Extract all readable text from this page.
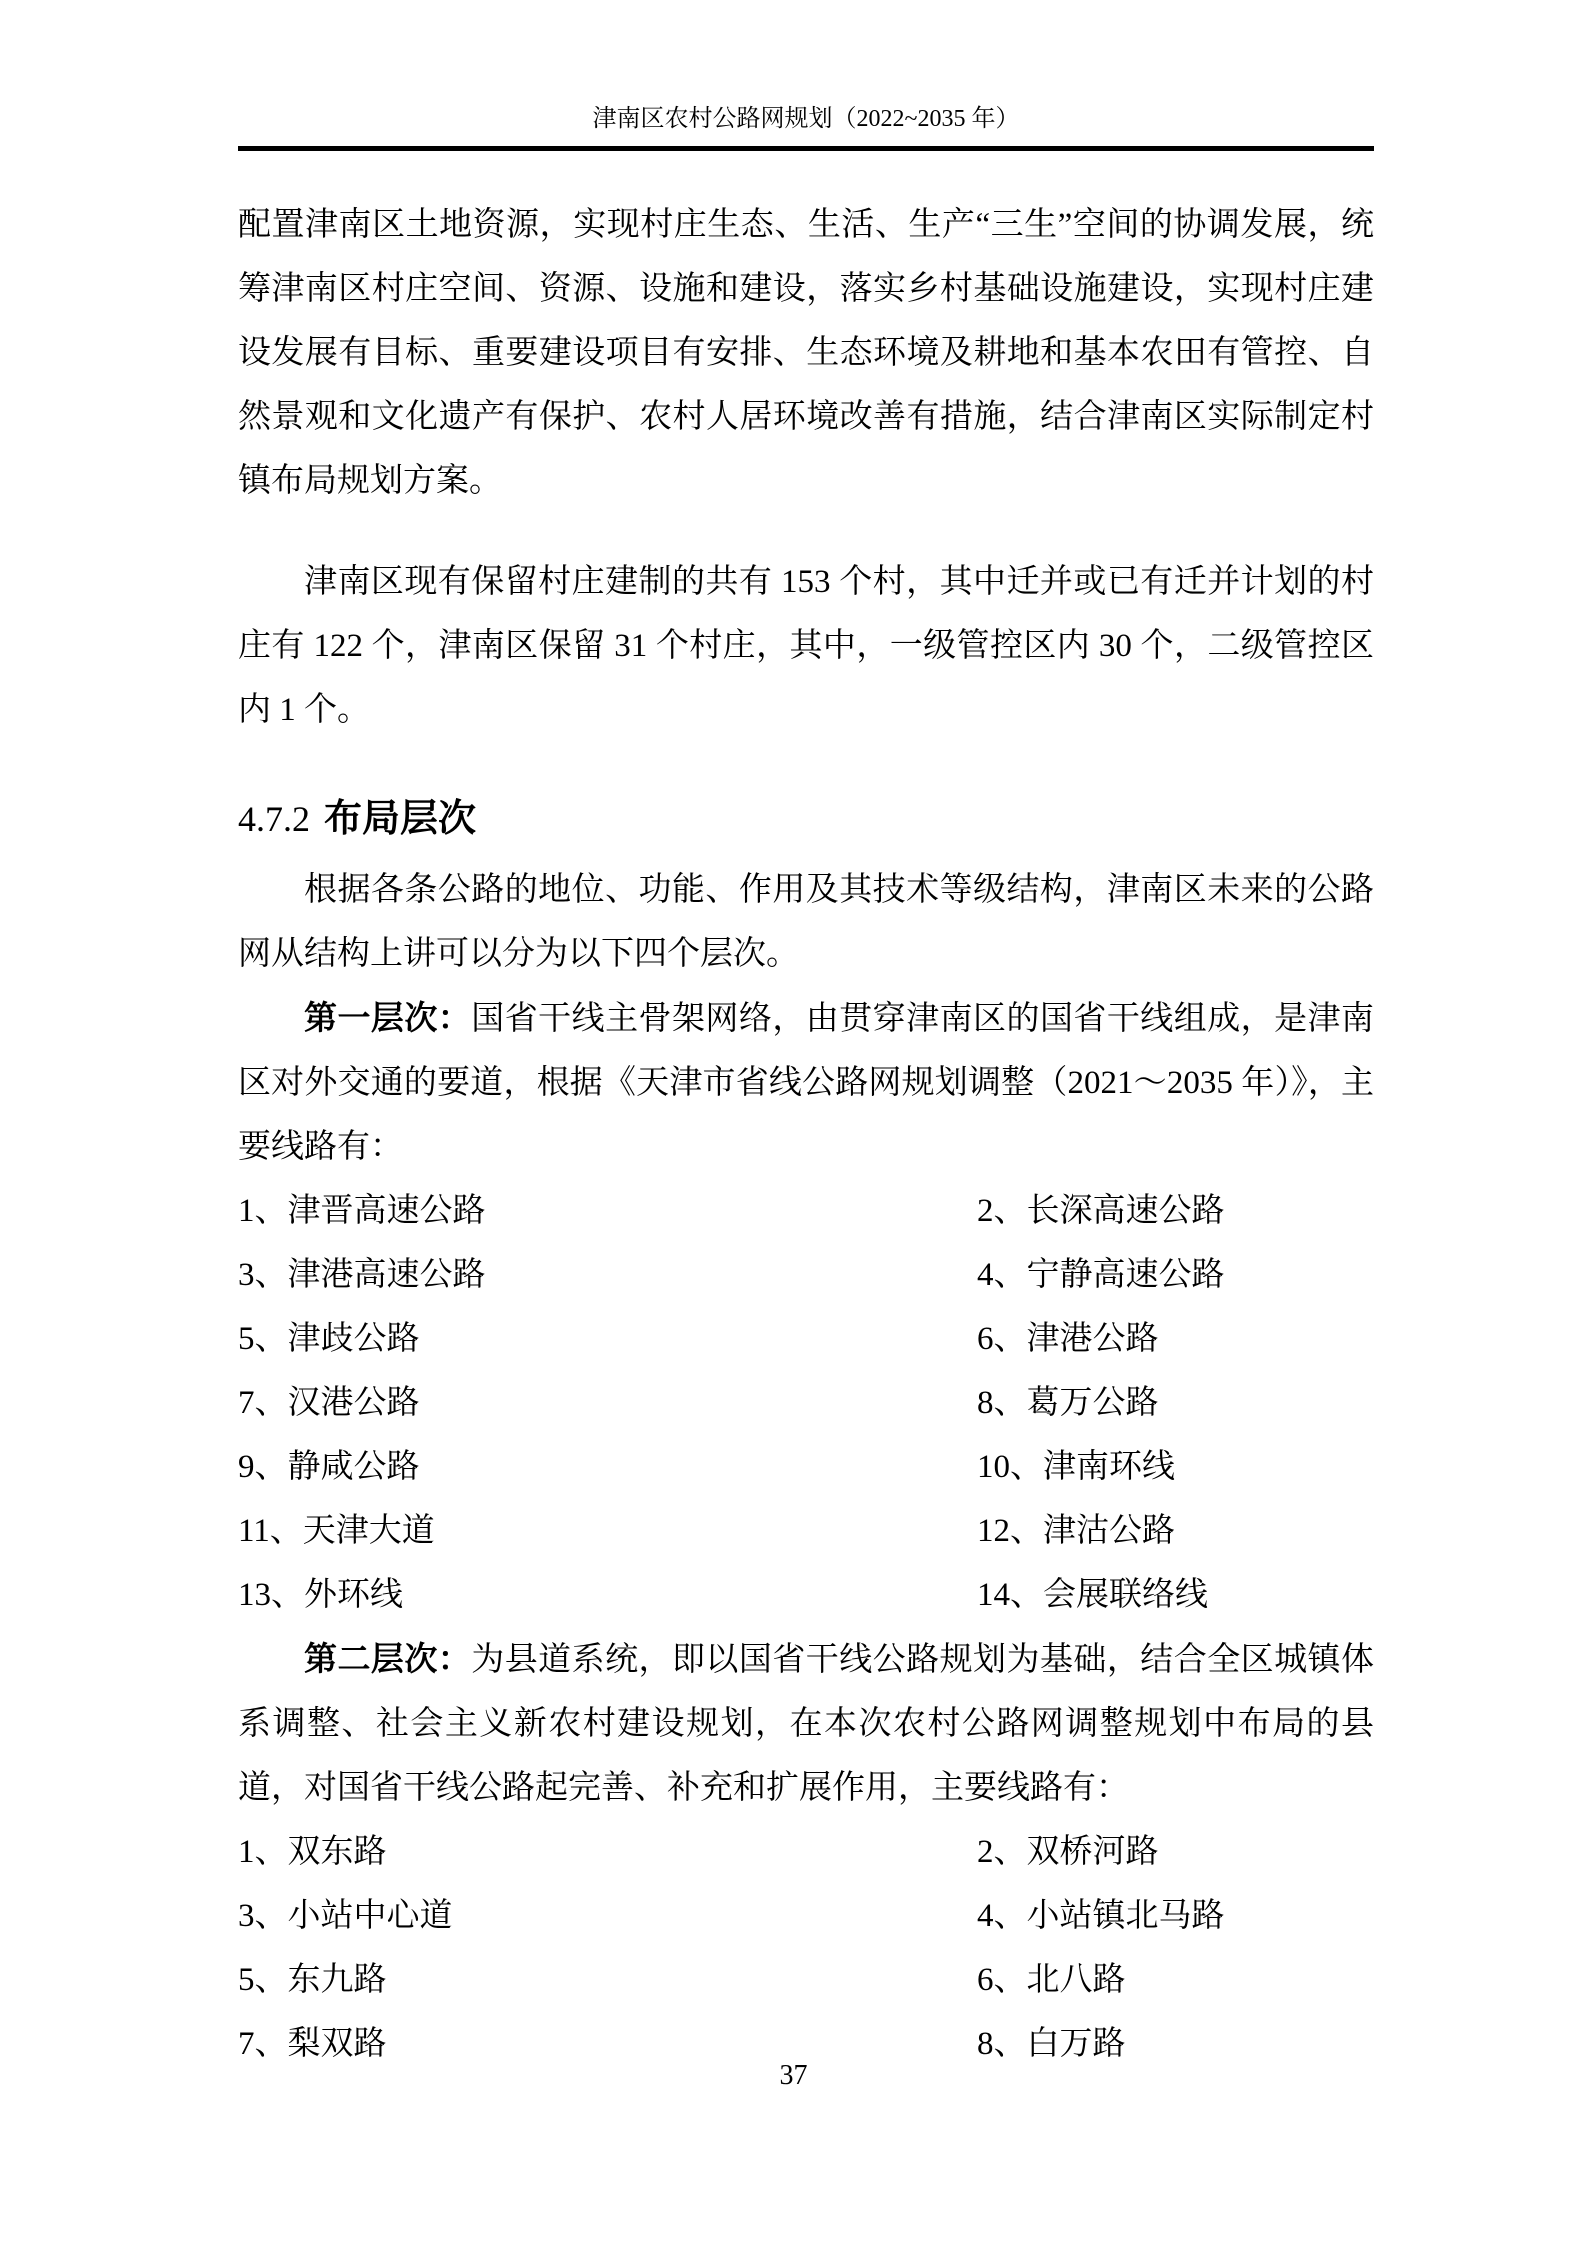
津南区农村公路网规划（2022~2035 年）

配置津南区土地资源，实现村庄生态、生活、生产“三生”空间的协调发展，统筹津南区村庄空间、资源、设施和建设，落实乡村基础设施建设，实现村庄建设发展有目标、重要建设项目有安排、生态环境及耕地和基本农田有管控、自然景观和文化遗产有保护、农村人居环境改善有措施，结合津南区实际制定村镇布局规划方案。

津南区现有保留村庄建制的共有 153 个村，其中迁并或已有迁并计划的村庄有 122 个，津南区保留 31 个村庄，其中，一级管控区内 30 个，二级管控区内 1 个。

4.7.2 布局层次

根据各条公路的地位、功能、作用及其技术等级结构，津南区未来的公路网从结构上讲可以分为以下四个层次。

第一层次：国省干线主骨架网络，由贯穿津南区的国省干线组成，是津南区对外交通的要道，根据《天津市省线公路网规划调整（2021～2035 年）》，主要线路有：

1、津晋高速公路	2、长深高速公路
3、津港高速公路	4、宁静高速公路
5、津歧公路	6、津港公路
7、汉港公路	8、葛万公路
9、静咸公路	10、津南环线
11、天津大道	12、津沽公路
13、外环线	14、会展联络线

第二层次：为县道系统，即以国省干线公路规划为基础，结合全区城镇体系调整、社会主义新农村建设规划，在本次农村公路网调整规划中布局的县道，对国省干线公路起完善、补充和扩展作用，主要线路有：

1、双东路	2、双桥河路
3、小站中心道	4、小站镇北马路
5、东九路	6、北八路
7、梨双路	8、白万路
37
